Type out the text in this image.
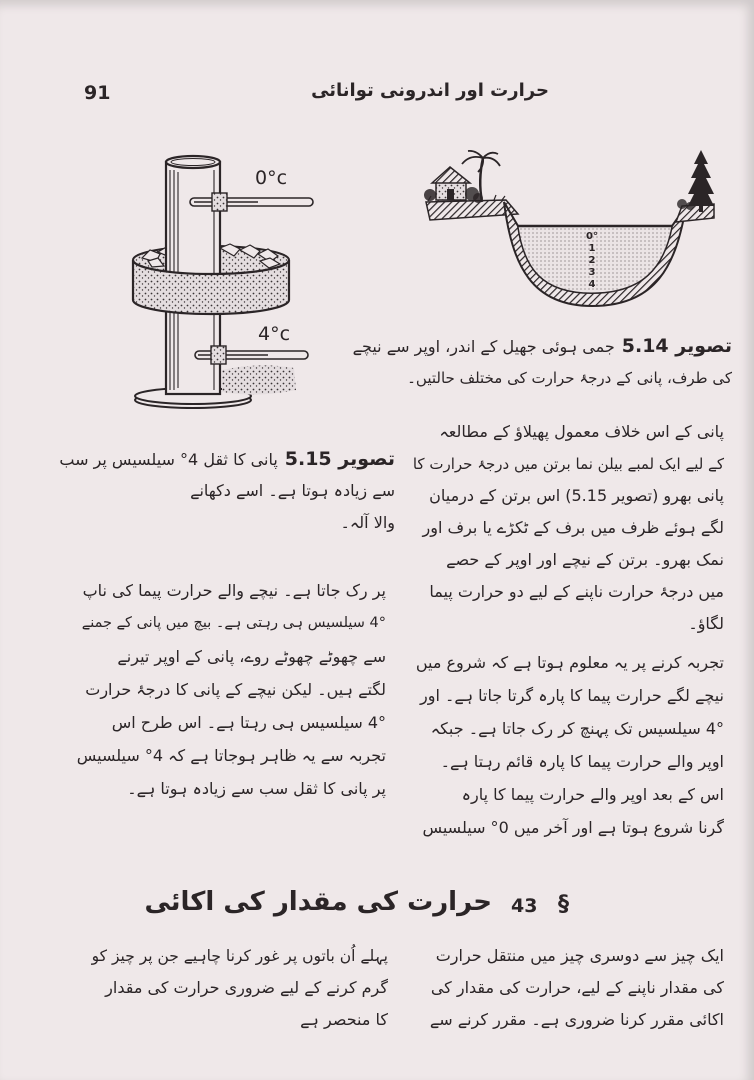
91	حرارت اور اندرونی توانائی
0°
1
2
3
4
0°c
4°c
تصویر 5.14جمی ہوئی جھیل کے اندر، اوپر سے نیچے
کی طرف، پانی کے درجۂ حرارت کی مختلف حالتیں۔
تصویر 5.15پانی کا ثقل 4° سیلسیس پر سب
سے زیادہ ہوتا ہے۔ اسے دکھانے
والا آلہ۔
پانی کے اس خلاف معمول پھیلاؤ کے مطالعہ
کے لیے ایک لمبے بیلن نما برتن میں درجۂ حرارت کا
پانی بھرو (تصویر 5.15) اس برتن کے درمیان
لگے ہوئے ظرف میں برف کے ٹکڑے یا برف اور
نمک بھرو۔ برتن کے نیچے اور اوپر کے حصے
میں درجۂ حرارت ناپنے کے لیے دو حرارت پیما
لگاؤ۔
تجربہ کرنے پر یہ معلوم ہوتا ہے کہ شروع میں
نیچے لگے حرارت پیما کا پارہ گرتا جاتا ہے۔ اور
4° سیلسیس تک پہنچ کر رک جاتا ہے۔ جبکہ
اوپر والے حرارت پیما کا پارہ قائم رہتا ہے۔
اس کے بعد اوپر والے حرارت پیما کا پارہ
گرنا شروع ہوتا ہے اور آخر میں 0° سیلسیس
پر رک جاتا ہے۔ نیچے والے حرارت پیما کی ناپ
4° سیلسیس ہی رہتی ہے۔ بیچ میں پانی کے جمنے
سے چھوٹے چھوٹے روے، پانی کے اوپر تیرنے
لگتے ہیں۔ لیکن نیچے کے پانی کا درجۂ حرارت
4° سیلسیس ہی رہتا ہے۔ اس طرح اس
تجربہ سے یہ ظاہر ہوجاتا ہے کہ 4° سیلسیس
پر پانی کا ثقل سب سے زیادہ ہوتا ہے۔
§
43
حرارت کی مقدار کی اکائی
ایک چیز سے دوسری چیز میں منتقل حرارت
کی مقدار ناپنے کے لیے، حرارت کی مقدار کی
اکائی مقرر کرنا ضروری ہے۔ مقرر کرنے سے
پہلے اُن باتوں پر غور کرنا چاہیے جن پر چیز کو
گرم کرنے کے لیے ضروری حرارت کی مقدار
کا منحصر ہے
